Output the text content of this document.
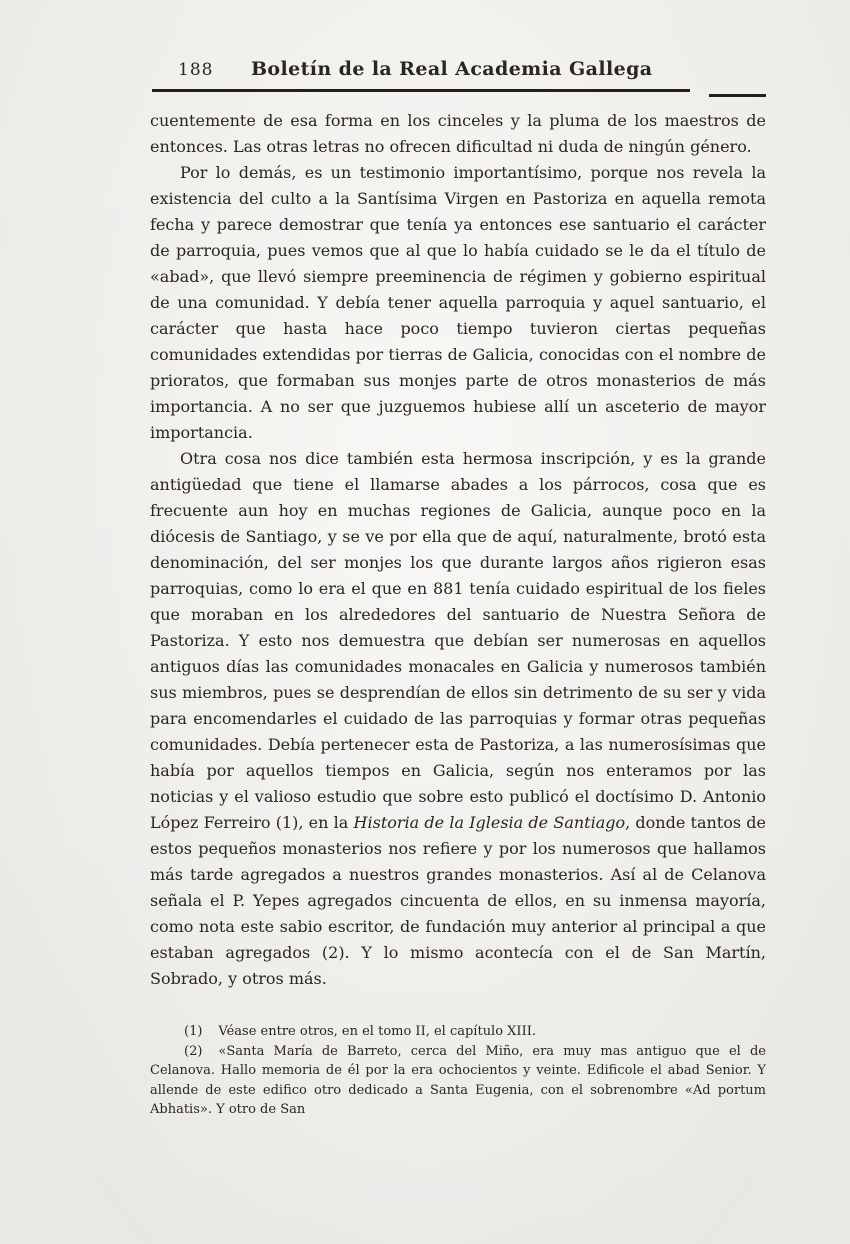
188	Boletín de la Real Academia Gallega

cuentemente de esa forma en los cinceles y la pluma de los maestros de entonces. Las otras letras no ofrecen dificultad ni duda de ningún género.

Por lo demás, es un testimonio importantísimo, porque nos revela la existencia del culto a la Santísima Virgen en Pastoriza en aquella remota fecha y parece demostrar que tenía ya entonces ese santuario el carácter de parroquia, pues vemos que al que lo había cuidado se le da el título de «abad», que llevó siempre preeminencia de régimen y gobierno espiritual de una comunidad. Y debía tener aquella parroquia y aquel santuario, el carácter que hasta hace poco tiempo tuvieron ciertas pequeñas comunidades extendidas por tierras de Galicia, conocidas con el nombre de prioratos, que formaban sus monjes parte de otros monasterios de más importancia. A no ser que juzguemos hubiese allí un asceterio de mayor importancia.

Otra cosa nos dice también esta hermosa inscripción, y es la grande antigüedad que tiene el llamarse abades a los párrocos, cosa que es frecuente aun hoy en muchas regiones de Galicia, aunque poco en la diócesis de Santiago, y se ve por ella que de aquí, naturalmente, brotó esta denominación, del ser monjes los que durante largos años rigieron esas parroquias, como lo era el que en 881 tenía cuidado espiritual de los fieles que moraban en los alrededores del santuario de Nuestra Señora de Pastoriza. Y esto nos demuestra que debían ser numerosas en aquellos antiguos días las comunidades monacales en Galicia y numerosos también sus miembros, pues se desprendían de ellos sin detrimento de su ser y vida para encomendarles el cuidado de las parroquias y formar otras pequeñas comunidades. Debía pertenecer esta de Pastoriza, a las numerosísimas que había por aquellos tiempos en Galicia, según nos enteramos por las noticias y el valioso estudio que sobre esto publicó el doctísimo D. Antonio López Ferreiro (1), en la Historia de la Iglesia de Santiago, donde tantos de estos pequeños monasterios nos refiere y por los numerosos que hallamos más tarde agregados a nuestros grandes monasterios. Así al de Celanova señala el P. Yepes agregados cincuenta de ellos, en su inmensa mayoría, como nota este sabio escritor, de fundación muy anterior al principal a que estaban agregados (2). Y lo mismo acontecía con el de San Martín, Sobrado, y otros más.

(1) Véase entre otros, en el tomo II, el capítulo XIII.

(2) «Santa María de Barreto, cerca del Miño, era muy mas antiguo que el de Celanova. Hallo memoria de él por la era ochocientos y veinte. Edificole el abad Senior. Y allende de este edifico otro dedicado a Santa Eugenia, con el sobrenombre «Ad portum Abhatis». Y otro de San
